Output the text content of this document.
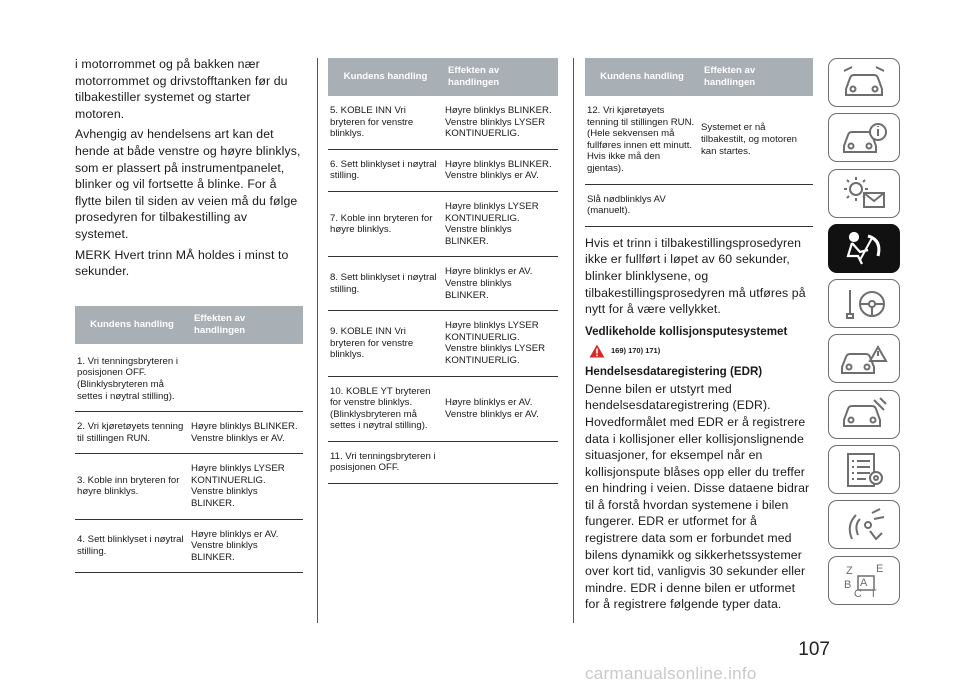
i motorrommet og på bakken nær motorrommet og drivstofftanken før du tilbakestiller systemet og starter motoren.

Avhengig av hendelsens art kan det hende at både venstre og høyre blinklys, som er plassert på instrumentpanelet, blinker og vil fortsette å blinke. For å flytte bilen til siden av veien må du følge prosedyren for tilbakestilling av systemet.

MERK Hvert trinn MÅ holdes i minst to sekunder.

Kundens handling	Effekten av handlingen
1. Vri tenningsbryteren i posisjonen OFF. (Blinklysbryteren må settes i nøytral stilling).	
2. Vri kjøretøyets tenning til stillingen RUN.	Høyre blinklys BLINKER. Venstre blinklys er AV.
3. Koble inn bryteren for høyre blinklys.	Høyre blinklys LYSER KONTINUERLIG. Venstre blinklys BLINKER.
4. Sett blinklyset i nøytral stilling.	Høyre blinklys er AV. Venstre blinklys BLINKER.
Kundens handling	Effekten av handlingen
5. KOBLE INN Vri bryteren for venstre blinklys.	Høyre blinklys BLINKER. Venstre blinklys LYSER KONTINUERLIG.
6. Sett blinklyset i nøytral stilling.	Høyre blinklys BLINKER. Venstre blinklys er AV.
7. Koble inn bryteren for høyre blinklys.	Høyre blinklys LYSER KONTINUERLIG. Venstre blinklys BLINKER.
8. Sett blinklyset i nøytral stilling.	Høyre blinklys er AV. Venstre blinklys BLINKER.
9. KOBLE INN Vri bryteren for venstre blinklys.	Høyre blinklys LYSER KONTINUERLIG. Venstre blinklys LYSER KONTINUERLIG.
10. KOBLE YT bryteren for venstre blinklys. (Blinklysbryteren må settes i nøytral stilling).	Høyre blinklys er AV. Venstre blinklys er AV.
11. Vri tenningsbryteren i posisjonen OFF.	
Kundens handling	Effekten av handlingen
12. Vri kjøretøyets tenning til stillingen RUN. (Hele sekvensen må fullføres innen ett minutt. Hvis ikke må den gjentas).	Systemet er nå tilbakestilt, og motoren kan startes.
Slå nødblinklys AV (manuelt).	

Hvis et trinn i tilbakestillingsprosedyren ikke er fullført i løpet av 60 sekunder, blinker blinklysene, og tilbakestillingsprosedyren må utføres på nytt for å være vellykket.

Vedlikeholde kollisjonsputesystemet

169) 170) 171)

Hendelsesdataregistering (EDR)

Denne bilen er utstyrt med hendelsesdataregistrering (EDR). Hovedformålet med EDR er å registrere data i kollisjoner eller kollisjonslignende situasjoner, for eksempel når en kollisjonspute blåses opp eller du treffer en hindring i veien. Disse dataene bidrar til å forstå hvordan systemene i bilen fungerer. EDR er utformet for å registrere data som er forbundet med bilens dynamikk og sikkerhetssystemer over kort tid, vanligvis 30 sekunder eller mindre. EDR i denne bilen er utformet for å registrere følgende typer data.

Z E
B A
C T
107
carmanualsonline.info
